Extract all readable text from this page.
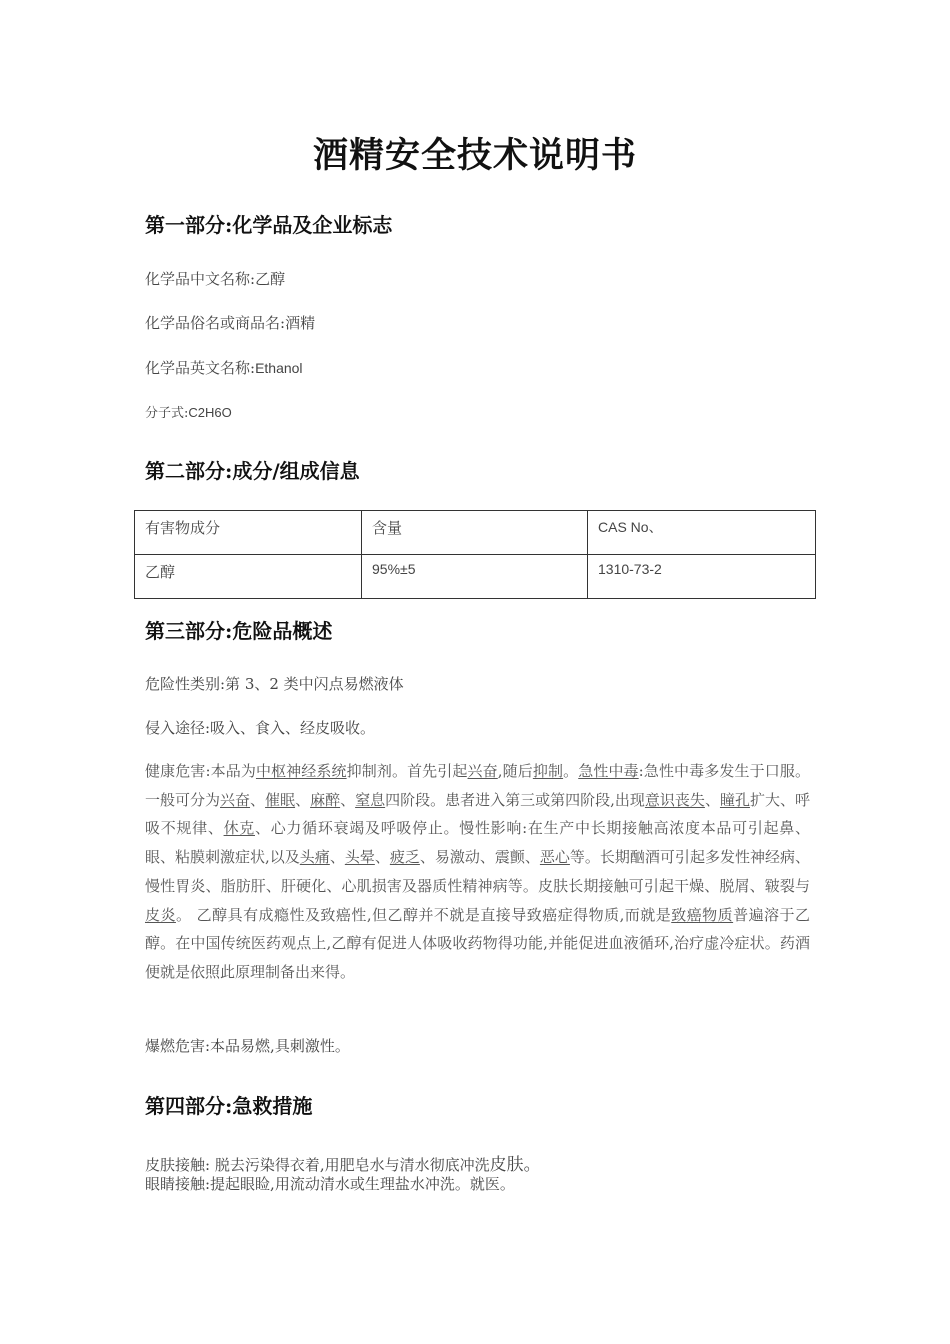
酒精安全技术说明书
第一部分:化学品及企业标志
化学品中文名称:乙醇
化学品俗名或商品名:酒精
化学品英文名称:Ethanol
分子式:C2H6O
第二部分:成分/组成信息
有害物成分	含量	CAS No、
乙醇	95%±5	1310-73-2
第三部分:危险品概述
危险性类别:第 3、2 类中闪点易燃液体
侵入途径:吸入、食入、经皮吸收。
健康危害:本品为中枢神经系统抑制剂。首先引起兴奋,随后抑制。急性中毒:急性中毒多发生于口服。一般可分为兴奋、催眠、麻醉、窒息四阶段。患者进入第三或第四阶段,出现意识丧失、瞳孔扩大、呼吸不规律、休克、心力循环衰竭及呼吸停止。慢性影响:在生产中长期接触高浓度本品可引起鼻、眼、粘膜刺激症状,以及头痛、头晕、疲乏、易激动、震颤、恶心等。长期酗酒可引起多发性神经病、慢性胃炎、脂肪肝、肝硬化、心肌损害及器质性精神病等。皮肤长期接触可引起干燥、脱屑、皲裂与皮炎。 乙醇具有成瘾性及致癌性,但乙醇并不就是直接导致癌症得物质,而就是致癌物质普遍溶于乙醇。在中国传统医药观点上,乙醇有促进人体吸收药物得功能,并能促进血液循环,治疗虚冷症状。药酒便就是依照此原理制备出来得。
爆燃危害:本品易燃,具刺激性。
第四部分:急救措施
皮肤接触: 脱去污染得衣着,用肥皂水与清水彻底冲洗皮肤。
眼睛接触:提起眼睑,用流动清水或生理盐水冲洗。就医。
